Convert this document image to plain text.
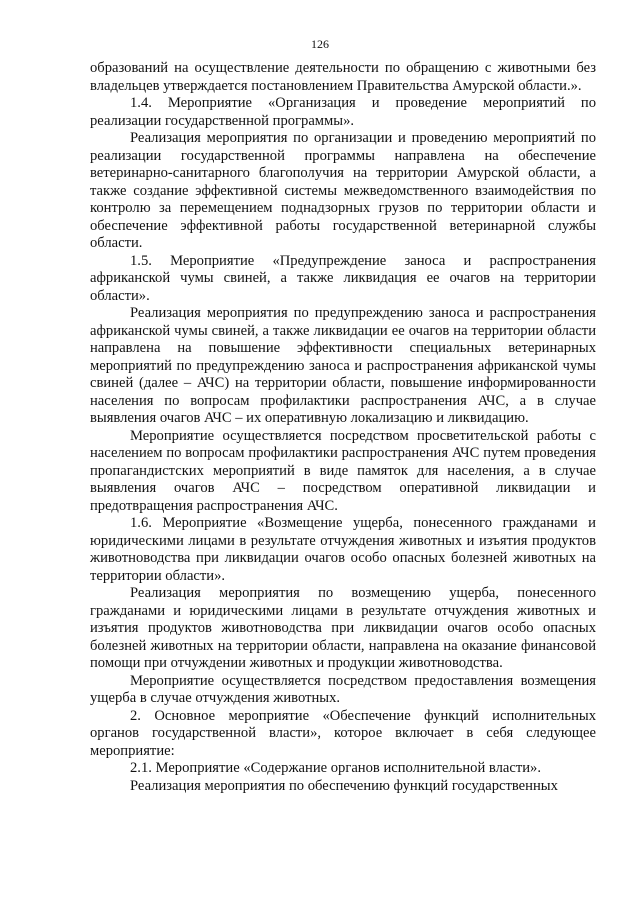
126

образований на осуществление деятельности по обращению с животными без владельцев утверждается постановлением Правительства Амурской области.».

1.4. Мероприятие «Организация и проведение мероприятий по реализации государственной программы».

Реализация мероприятия по организации и проведению мероприятий по реализации государственной программы направлена на обеспечение ветеринарно-санитарного благополучия на территории Амурской области, а также создание эффективной системы межведомственного взаимодействия по контролю за перемещением поднадзорных грузов по территории области и обеспечение эффективной работы государственной ветеринарной службы области.

1.5. Мероприятие «Предупреждение заноса и распространения африканской чумы свиней, а также ликвидация ее очагов на территории области».

Реализация мероприятия по предупреждению заноса и распространения африканской чумы свиней, а также ликвидации ее очагов на территории области направлена на повышение эффективности специальных ветеринарных мероприятий по предупреждению заноса и распространения африканской чумы свиней (далее – АЧС) на территории области, повышение информированности населения по вопросам профилактики распространения АЧС, а в случае выявления очагов АЧС – их оперативную локализацию и ликвидацию.

Мероприятие осуществляется посредством просветительской работы с населением по вопросам профилактики распространения АЧС путем проведения пропагандистских мероприятий в виде памяток для населения, а в случае выявления очагов АЧС – посредством оперативной ликвидации и предотвращения распространения АЧС.

1.6. Мероприятие «Возмещение ущерба, понесенного гражданами и юридическими лицами в результате отчуждения животных и изъятия продуктов животноводства при ликвидации очагов особо опасных болезней животных на территории области».

Реализация мероприятия по возмещению ущерба, понесенного гражданами и юридическими лицами в результате отчуждения животных и изъятия продуктов животноводства при ликвидации очагов особо опасных болезней животных на территории области, направлена на оказание финансовой помощи при отчуждении животных и продукции животноводства.

Мероприятие осуществляется посредством предоставления возмещения ущерба в случае отчуждения животных.

2. Основное мероприятие «Обеспечение функций исполнительных органов государственной власти», которое включает в себя следующее мероприятие:

2.1. Мероприятие «Содержание органов исполнительной власти».

Реализация мероприятия по обеспечению функций государственных
